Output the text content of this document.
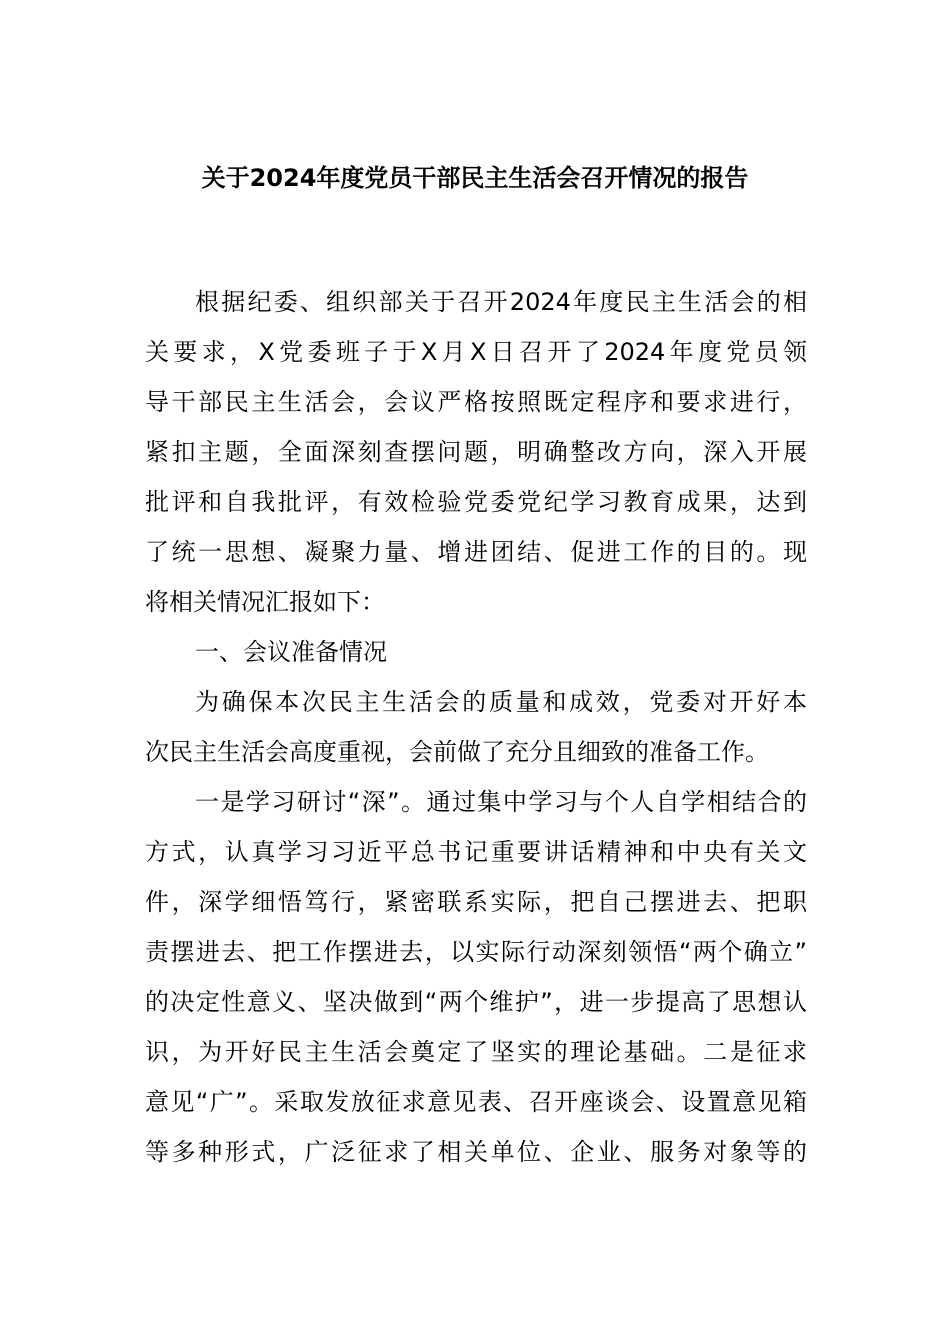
关于2024年度党员干部民主生活会召开情况的报告
根据纪委、组织部关于召开2024年度民主生活会的相
关要求，X党委班子于X月X日召开了2024年度党员领
导干部民主生活会，会议严格按照既定程序和要求进行，
紧扣主题，全面深刻查摆问题，明确整改方向，深入开展
批评和自我批评，有效检验党委党纪学习教育成果，达到
了统一思想、凝聚力量、增进团结、促进工作的目的。现
将相关情况汇报如下：
一、会议准备情况
为确保本次民主生活会的质量和成效，党委对开好本
次民主生活会高度重视，会前做了充分且细致的准备工作。
一是学习研讨“深”。通过集中学习与个人自学相结合的
方式，认真学习习近平总书记重要讲话精神和中央有关文
件，深学细悟笃行，紧密联系实际，把自己摆进去、把职
责摆进去、把工作摆进去，以实际行动深刻领悟“两个确立”
的决定性意义、坚决做到“两个维护”，进一步提高了思想认
识，为开好民主生活会奠定了坚实的理论基础。二是征求
意见“广”。采取发放征求意见表、召开座谈会、设置意见箱
等多种形式，广泛征求了相关单位、企业、服务对象等的
